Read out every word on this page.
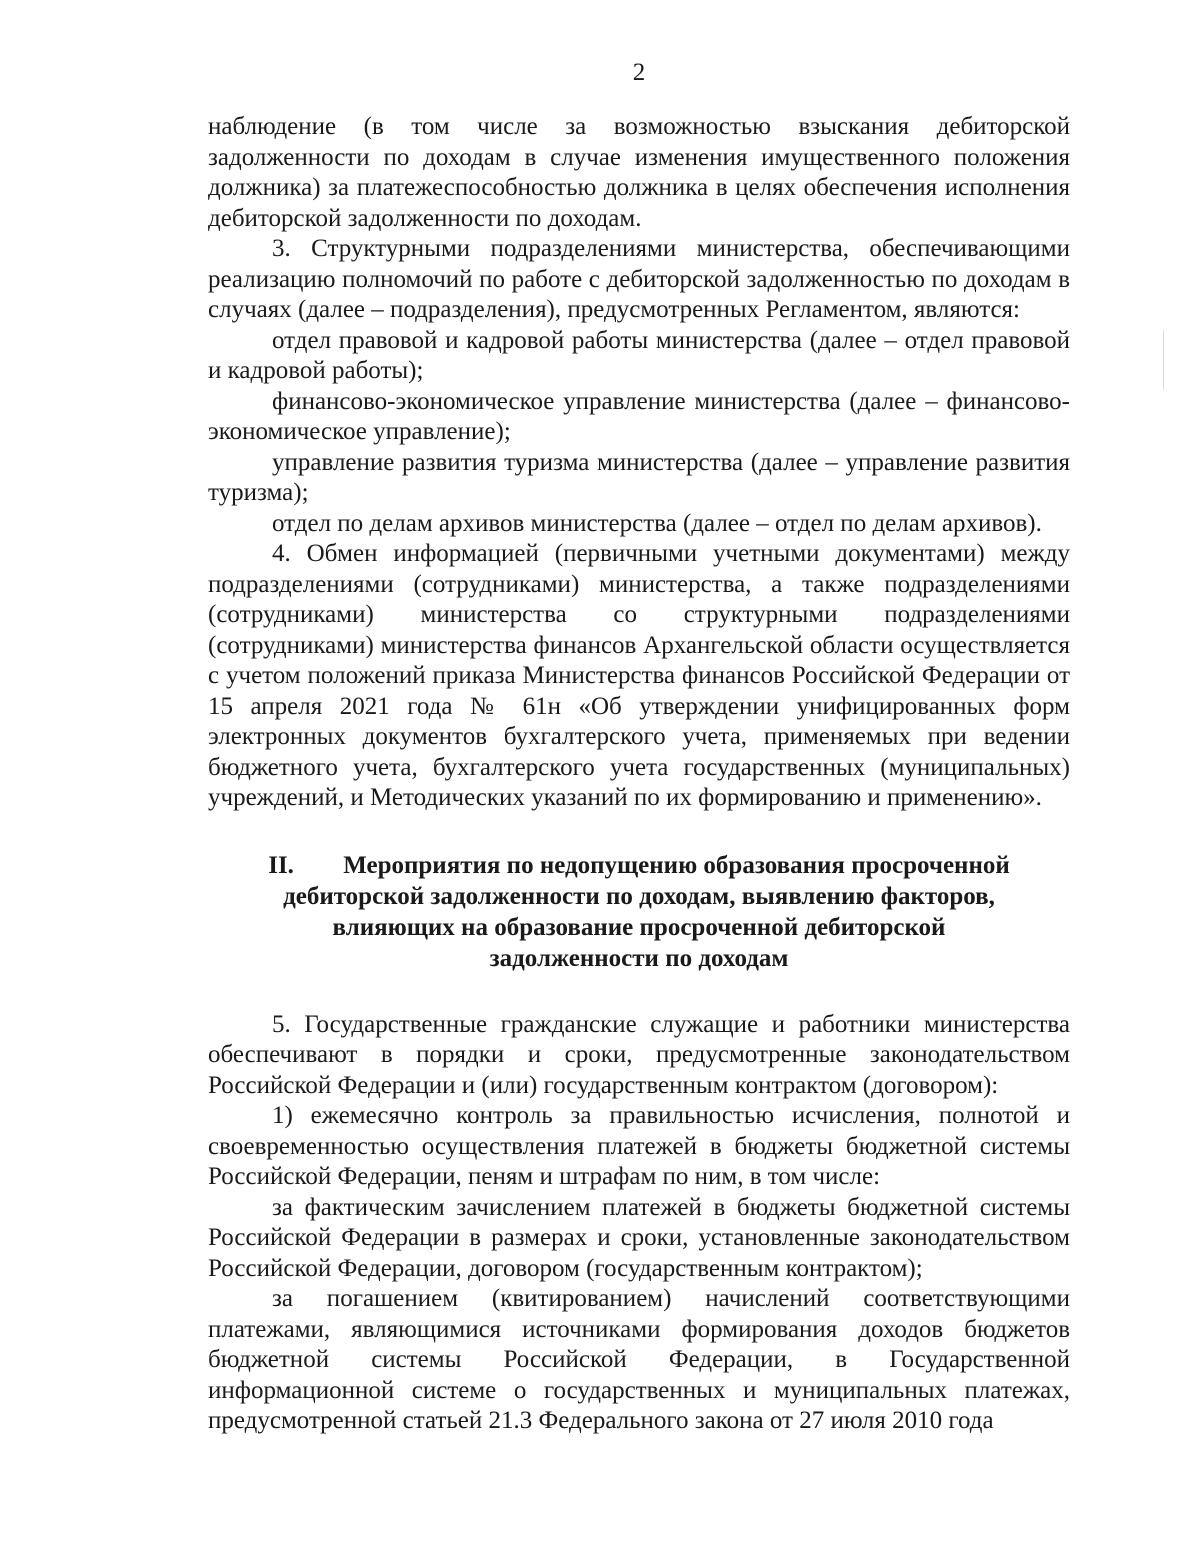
2

наблюдение (в том числе за возможностью взыскания дебиторской задолженности по доходам в случае изменения имущественного положения должника) за платежеспособностью должника в целях обеспечения исполнения дебиторской задолженности по доходам.

3. Структурными подразделениями министерства, обеспечивающими реализацию полномочий по работе с дебиторской задолженностью по доходам в случаях (далее – подразделения), предусмотренных Регламентом, являются:

отдел правовой и кадровой работы министерства (далее – отдел правовой и кадровой работы);

финансово-экономическое управление министерства (далее – финансово-экономическое управление);

управление развития туризма министерства (далее – управление развития туризма);

отдел по делам архивов министерства (далее – отдел по делам архивов).

4. Обмен информацией (первичными учетными документами) между подразделениями (сотрудниками) министерства, а также подразделениями (сотрудниками) министерства со структурными подразделениями (сотрудниками) министерства финансов Архангельской области осуществляется с учетом положений приказа Министерства финансов Российской Федерации от 15 апреля 2021 года № 61н «Об утверждении унифицированных форм электронных документов бухгалтерского учета, применяемых при ведении бюджетного учета, бухгалтерского учета государственных (муниципальных) учреждений, и Методических указаний по их формированию и применению».

II. Мероприятия по недопущению образования просроченной
дебиторской задолженности по доходам, выявлению факторов,
влияющих на образование просроченной дебиторской
задолженности по доходам

5. Государственные гражданские служащие и работники министерства обеспечивают в порядки и сроки, предусмотренные законодательством Российской Федерации и (или) государственным контрактом (договором):

1) ежемесячно контроль за правильностью исчисления, полнотой и своевременностью осуществления платежей в бюджеты бюджетной системы Российской Федерации, пеням и штрафам по ним, в том числе:

за фактическим зачислением платежей в бюджеты бюджетной системы Российской Федерации в размерах и сроки, установленные законодательством Российской Федерации, договором (государственным контрактом);

за погашением (квитированием) начислений соответствующими платежами, являющимися источниками формирования доходов бюджетов бюджетной системы Российской Федерации, в Государственной информационной системе о государственных и муниципальных платежах, предусмотренной статьей 21.3 Федерального закона от 27 июля 2010 года
